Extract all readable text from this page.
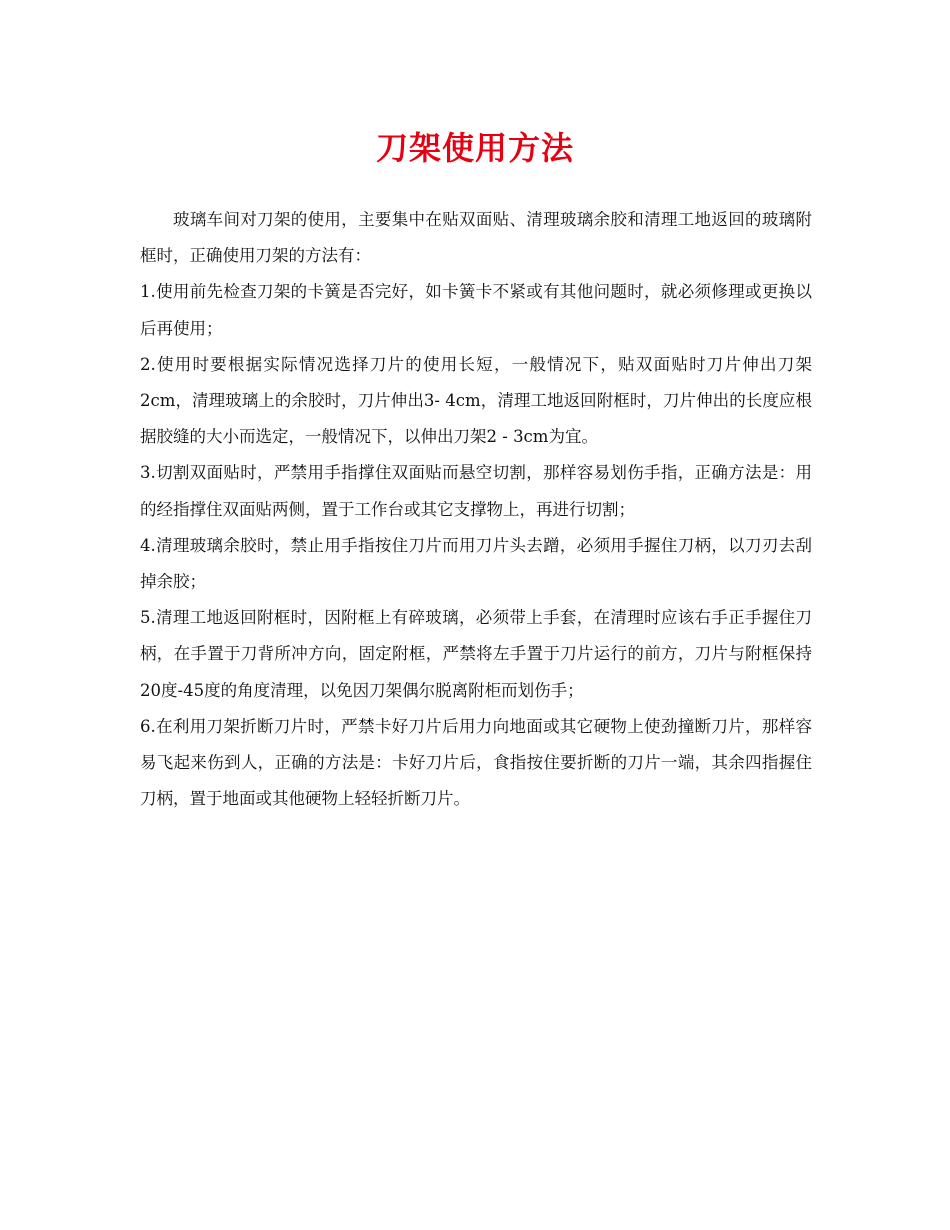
刀架使用方法

玻璃车间对刀架的使用，主要集中在贴双面贴、清理玻璃余胶和清理工地返回的玻璃附框时，正确使用刀架的方法有：

1.使用前先检查刀架的卡簧是否完好，如卡簧卡不紧或有其他问题时，就必须修理或更换以后再使用；

2.使用时要根据实际情况选择刀片的使用长短，一般情况下，贴双面贴时刀片伸出刀架2cm，清理玻璃上的余胶时，刀片伸出3- 4cm，清理工地返回附框时，刀片伸出的长度应根据胶缝的大小而选定，一般情况下，以伸出刀架2 - 3cm为宜。

3.切割双面贴时，严禁用手指撑住双面贴而悬空切割，那样容易划伤手指，正确方法是：用的经指撑住双面贴两侧，置于工作台或其它支撑物上，再进行切割；

4.清理玻璃余胶时，禁止用手指按住刀片而用刀片头去蹭，必须用手握住刀柄，以刀刃去刮掉余胶；

5.清理工地返回附框时，因附框上有碎玻璃，必须带上手套，在清理时应该右手正手握住刀柄，在手置于刀背所冲方向，固定附框，严禁将左手置于刀片运行的前方，刀片与附框保持20度-45度的角度清理，以免因刀架偶尔脱离附柜而划伤手；

6.在利用刀架折断刀片时，严禁卡好刀片后用力向地面或其它硬物上使劲撞断刀片，那样容易飞起来伤到人，正确的方法是：卡好刀片后，食指按住要折断的刀片一端，其余四指握住刀柄，置于地面或其他硬物上轻轻折断刀片。
